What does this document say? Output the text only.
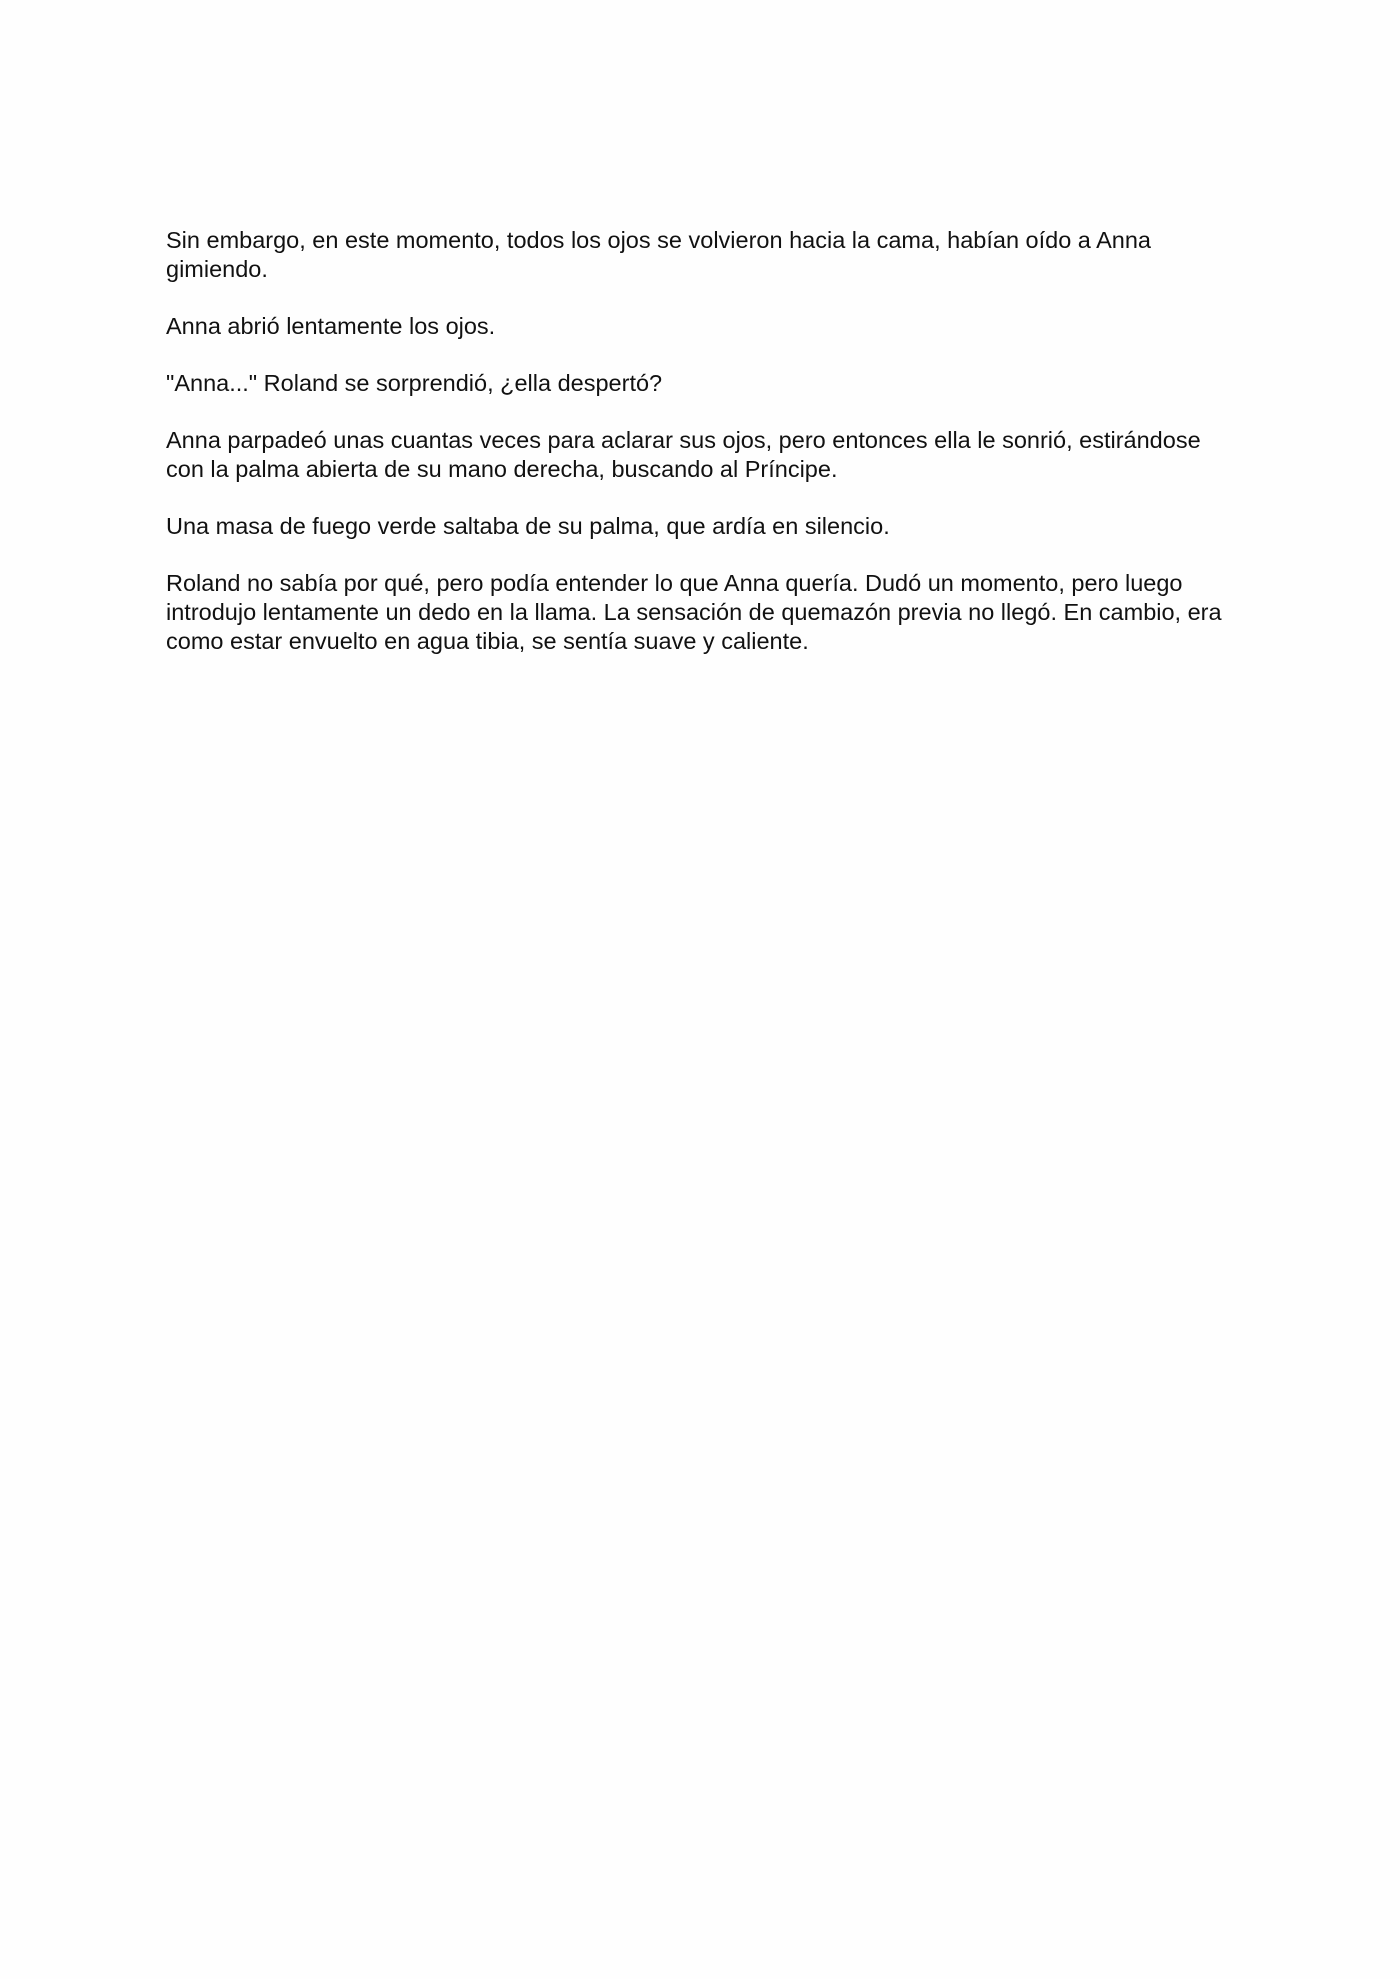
Sin embargo, en este momento, todos los ojos se volvieron hacia la cama, habían oído a Anna gimiendo.

Anna abrió lentamente los ojos.

"Anna..." Roland se sorprendió, ¿ella despertó?

Anna parpadeó unas cuantas veces para aclarar sus ojos, pero entonces ella le sonrió, estirándose con la palma abierta de su mano derecha, buscando al Príncipe.

Una masa de fuego verde saltaba de su palma, que ardía en silencio.

Roland no sabía por qué, pero podía entender lo que Anna quería. Dudó un momento, pero luego introdujo lentamente un dedo en la llama. La sensación de quemazón previa no llegó. En cambio, era como estar envuelto en agua tibia, se sentía suave y caliente.
